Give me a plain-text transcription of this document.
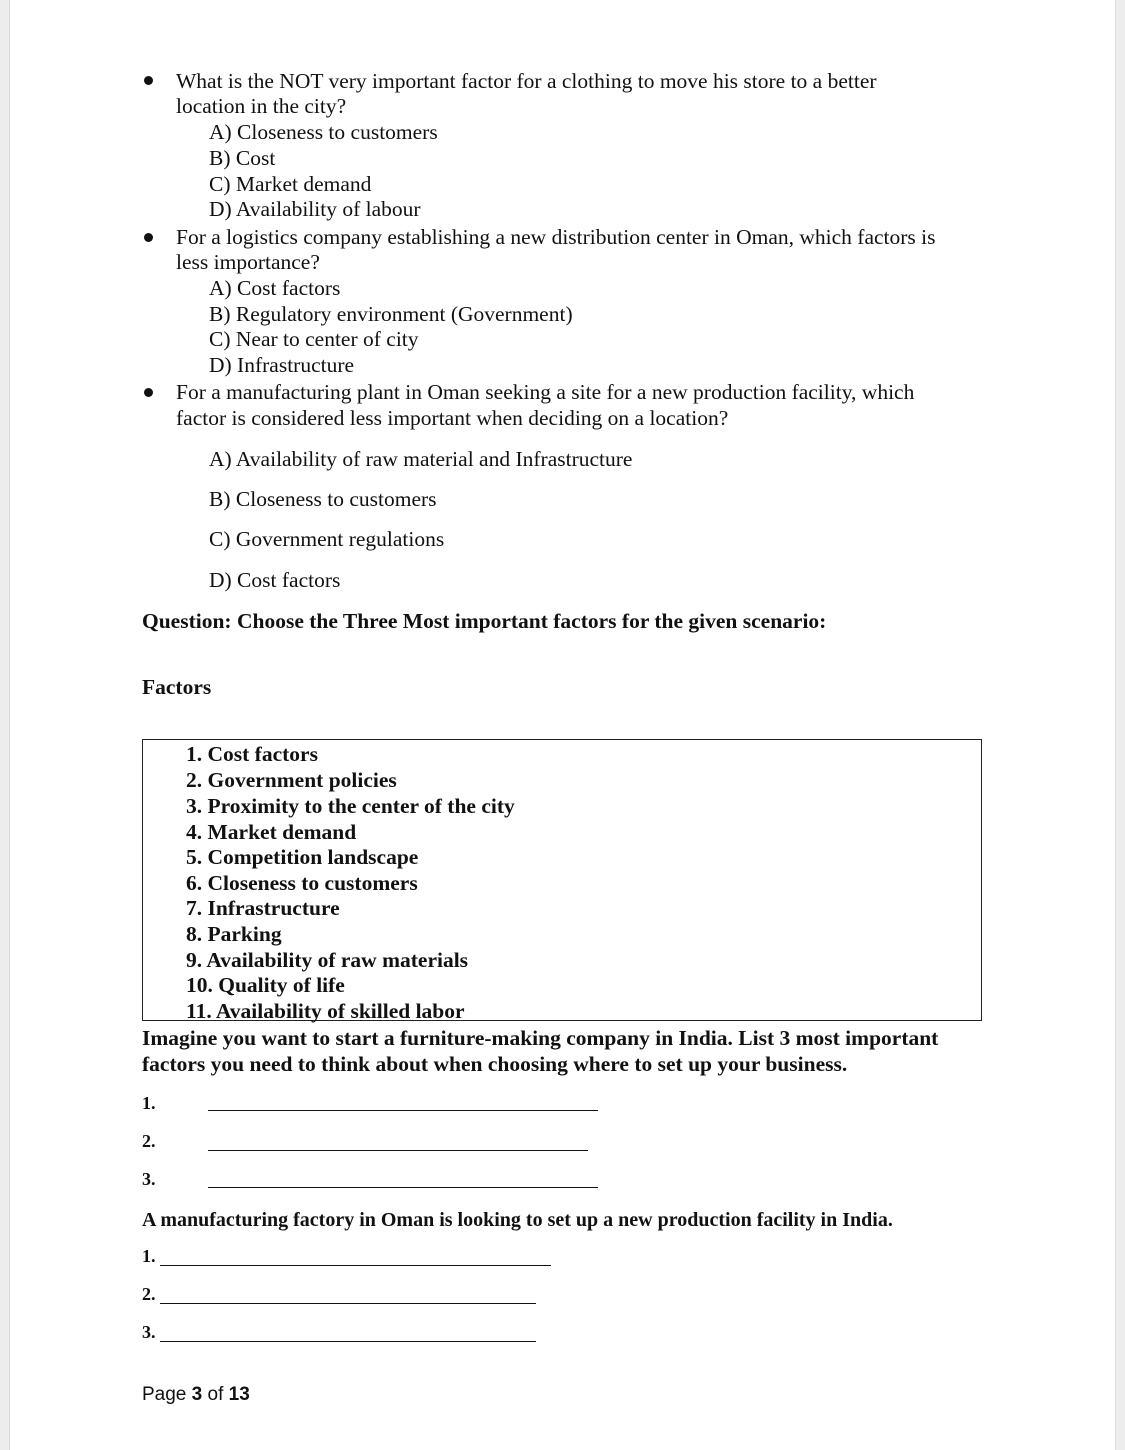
What is the NOT very important factor for a clothing to move his store to a better
location in the city?
A) Closeness to customers
B) Cost
C) Market demand
D) Availability of labour
For a logistics company establishing a new distribution center in Oman, which factors is
less importance?
A) Cost factors
B) Regulatory environment (Government)
C) Near to center of city
D) Infrastructure
For a manufacturing plant in Oman seeking a site for a new production facility, which
factor is considered less important when deciding on a location?
A) Availability of raw material and Infrastructure
B) Closeness to customers
C) Government regulations
D) Cost factors
Question: Choose the Three Most important factors for the given scenario:
Factors
1. Cost factors
2. Government policies
3. Proximity to the center of the city
4. Market demand
5. Competition landscape
6. Closeness to customers
7. Infrastructure
8. Parking
9. Availability of raw materials
10. Quality of life
11. Availability of skilled labor
Imagine you want to start a furniture-making company in India. List 3 most important
factors you need to think about when choosing where to set up your business.
1.
2.
3.
A manufacturing factory in Oman is looking to set up a new production facility in India.
1.
2.
3.
Page 3 of 13
